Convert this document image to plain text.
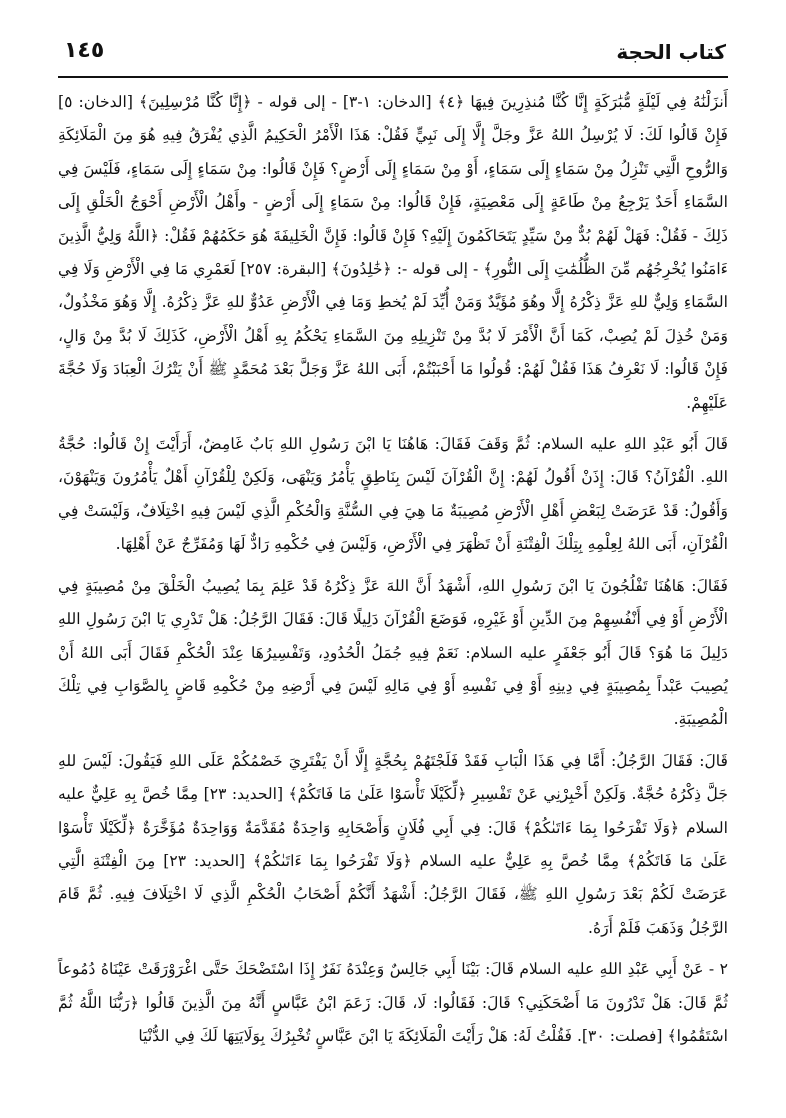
١٤٥	كتاب الحجة

أَنزَلْنَٰهُ فِي لَيْلَةٍ مُّبَٰرَكَةٍ إِنَّا كُنَّا مُنذِرِينَ فِيهَا ﴿٤﴾ [الدخان: ١-٣] - إلى قوله - ﴿إِنَّا كُنَّا مُرْسِلِينَ﴾ [الدخان: ٥] فَإِنْ قَالُوا لَكَ: لَا يُرْسِلُ اللهُ عَزَّ وجَلَّ إِلَّا إِلَى نَبِيٍّ فَقُلْ: هَذَا الْأَمْرُ الْحَكِيمُ الَّذِي يُفْرَقُ فِيهِ هُوَ مِنَ الْمَلَائِكَةِ وَالرُّوحِ الَّتِي تَنْزِلُ مِنْ سَمَاءٍ إِلَى سَمَاءٍ، أَوْ مِنْ سَمَاءٍ إِلَى أَرْضٍ؟ فَإِنْ قَالُوا: مِنْ سَمَاءٍ إِلَى سَمَاءٍ، فَلَيْسَ فِي السَّمَاءِ أَحَدٌ يَرْجِعُ مِنْ طَاعَةٍ إِلَى مَعْصِيَةٍ، فَإِنْ قَالُوا: مِنْ سَمَاءٍ إِلَى أَرْضٍ - وأَهْلُ الْأَرْضِ أَحْوَجُ الْخَلْقِ إِلَى ذَلِكَ - فَقُلْ: فَهَلْ لَهُمْ بُدٌّ مِنْ سَيِّدٍ يَتَحَاكَمُونَ إِلَيْهِ؟ فَإِنْ قَالُوا: فَإِنَّ الْخَلِيفَةَ هُوَ حَكَمُهُمْ فَقُلْ: ﴿اللَّهُ وَلِيُّ الَّذِينَ ءَامَنُوا يُخْرِجُهُم مِّنَ الظُّلُمَٰتِ إِلَى النُّورِ﴾ - إلى قوله -: ﴿خَٰلِدُونَ﴾ [البقرة: ٢٥٧] لَعَمْرِي مَا فِي الْأَرْضِ وَلَا فِي السَّمَاءِ وَلِيٌّ للهِ عَزَّ ذِكْرُهُ إِلَّا وهُوَ مُؤَيَّدٌ وَمَنْ أُيِّدَ لَمْ يُخطِ وَمَا فِي الْأَرْضِ عَدُوٌّ للهِ عَزَّ ذِكْرُهُ. إِلَّا وَهُوَ مَخْذُولٌ، وَمَنْ خُذِلَ لَمْ يُصِبْ، كَمَا أَنَّ الْأَمْرَ لَا بُدَّ مِنْ تَنْزِيلِهِ مِنَ السَّمَاءِ يَحْكُمُ بِهِ أَهْلُ الْأَرْضِ، كَذَلِكَ لَا بُدَّ مِنْ وَالٍ، فَإِنْ قَالُوا: لَا نَعْرِفُ هَذَا فَقُلْ لَهُمْ: قُولُوا مَا أَحْبَبْتُمْ، أَبَى اللهُ عَزَّ وَجَلَّ بَعْدَ مُحَمَّدٍ ﷺ أَنْ يَتْرُكَ الْعِبَادَ وَلَا حُجَّةَ عَلَيْهِمْ.

قَالَ أَبُو عَبْدِ اللهِ عليه السلام: ثُمَّ وَقَفَ فَقَالَ: هَاهُنَا يَا ابْنَ رَسُولِ اللهِ بَابٌ غَامِضٌ، أَرَأَيْتَ إِنْ قَالُوا: حُجَّةُ اللهِ. الْقُرْآنُ؟ قَالَ: إِذَنْ أَقُولُ لَهُمْ: إِنَّ الْقُرْآنَ لَيْسَ بِنَاطِقٍ يَأْمُرُ وَيَنْهَى، وَلَكِنْ لِلْقُرْآنِ أَهْلٌ يَأْمُرُونَ وَيَنْهَوْنَ، وَأَقُولُ: قَدْ عَرَضَتْ لِبَعْضِ أَهْلِ الْأَرْضِ مُصِيبَةٌ مَا هِيَ فِي السُّنَّةِ وَالْحُكْمِ الَّذِي لَيْسَ فِيهِ اخْتِلَافٌ، وَلَيْسَتْ فِي الْقُرْآنِ، أَبَى اللهُ لِعِلْمِهِ بِتِلْكَ الْفِتْنَةِ أَنْ تَظْهَرَ فِي الْأَرْضِ، وَلَيْسَ فِي حُكْمِهِ رَادٌّ لَهَا وَمُفَرِّجٌ عَنْ أَهْلِهَا.

فَقَالَ: هَاهُنَا تَفْلُجُونَ يَا ابْنَ رَسُولِ اللهِ، أَشْهَدُ أَنَّ اللهَ عَزَّ ذِكْرُهُ قَدْ عَلِمَ بِمَا يُصِيبُ الْخَلْقَ مِنْ مُصِيبَةٍ فِي الْأَرْضِ أَوْ فِي أَنْفُسِهِمْ مِنَ الدِّينِ أَوْ غَيْرِهِ، فَوَضَعَ الْقُرْآنَ دَلِيلًا قَالَ: فَقَالَ الرَّجُلُ: هَلْ تَدْرِي يَا ابْنَ رَسُولِ اللهِ دَلِيلَ مَا هُوَ؟ قَالَ أَبُو جَعْفَرٍ عليه السلام: نَعَمْ فِيهِ جُمَلُ الْحُدُودِ، وَتَفْسِيرُهَا عِنْدَ الْحُكْمِ فَقَالَ أَبَى اللهُ أَنْ يُصِيبَ عَبْداً بِمُصِيبَةٍ فِي دِينِهِ أَوْ فِي نَفْسِهِ أَوْ فِي مَالِهِ لَيْسَ فِي أَرْضِهِ مِنْ حُكْمِهِ قَاضٍ بِالصَّوَابِ فِي تِلْكَ الْمُصِيبَةِ.

قَالَ: فَقَالَ الرَّجُلُ: أَمَّا فِي هَذَا الْبَابِ فَقَدْ فَلَجْتَهُمْ بِحُجَّةٍ إِلَّا أَنْ يَفْتَرِيَ خَصْمُكُمْ عَلَى اللهِ فَيَقُولَ: لَيْسَ للهِ جَلَّ ذِكْرُهُ حُجَّةٌ. وَلَكِنْ أَخْبِرْنِي عَنْ تَفْسِيرِ ﴿لِّكَيْلَا تَأْسَوْا عَلَىٰ مَا فَاتَكُمْ﴾ [الحديد: ٢٣] مِمَّا خُصَّ بِهِ عَلِيٌّ عليه السلام ﴿وَلَا تَفْرَحُوا بِمَا ءَاتَىٰكُمْ﴾ قَالَ: فِي أَبِي فُلَانٍ وَأَصْحَابِهِ وَاحِدَةٌ مُقَدَّمَةٌ وَوَاحِدَةٌ مُؤَخَّرَةٌ ﴿لِّكَيْلَا تَأْسَوْا عَلَىٰ مَا فَاتَكُمْ﴾ مِمَّا خُصَّ بِهِ عَلِيٌّ عليه السلام ﴿وَلَا تَفْرَحُوا بِمَا ءَاتَىٰكُمْ﴾ [الحديد: ٢٣] مِنَ الْفِتْنَةِ الَّتِي عَرَضَتْ لَكُمْ بَعْدَ رَسُولِ اللهِ ﷺ، فَقَالَ الرَّجُلُ: أَشْهَدُ أَنَّكُمْ أَصْحَابُ الْحُكْمِ الَّذِي لَا اخْتِلَافَ فِيهِ. ثُمَّ قَامَ الرَّجُلُ وَذَهَبَ فَلَمْ أَرَهُ.

٢ - عَنْ أَبِي عَبْدِ اللهِ عليه السلام قَالَ: بَيْنَا أَبِي جَالِسٌ وَعِنْدَهُ نَفَرٌ إِذَا اسْتَضْحَكَ حَتَّى اغْرَوْرَقَتْ عَيْنَاهُ دُمُوعاً ثُمَّ قَالَ: هَلْ تَدْرُونَ مَا أَضْحَكَنِي؟ قَالَ: فَقَالُوا: لَا، قَالَ: زَعَمَ ابْنُ عَبَّاسٍ أَنَّهُ مِنَ الَّذِينَ قَالُوا ﴿رَبُّنَا اللَّهُ ثُمَّ اسْتَقَٰمُوا﴾ [فصلت: ٣٠]. فَقُلْتُ لَهُ: هَلْ رَأَيْتَ الْمَلَائِكَةَ يَا ابْنَ عَبَّاسٍ تُخْبِرُكَ بِوَلَايَتِهَا لَكَ فِي الدُّنْيَا
